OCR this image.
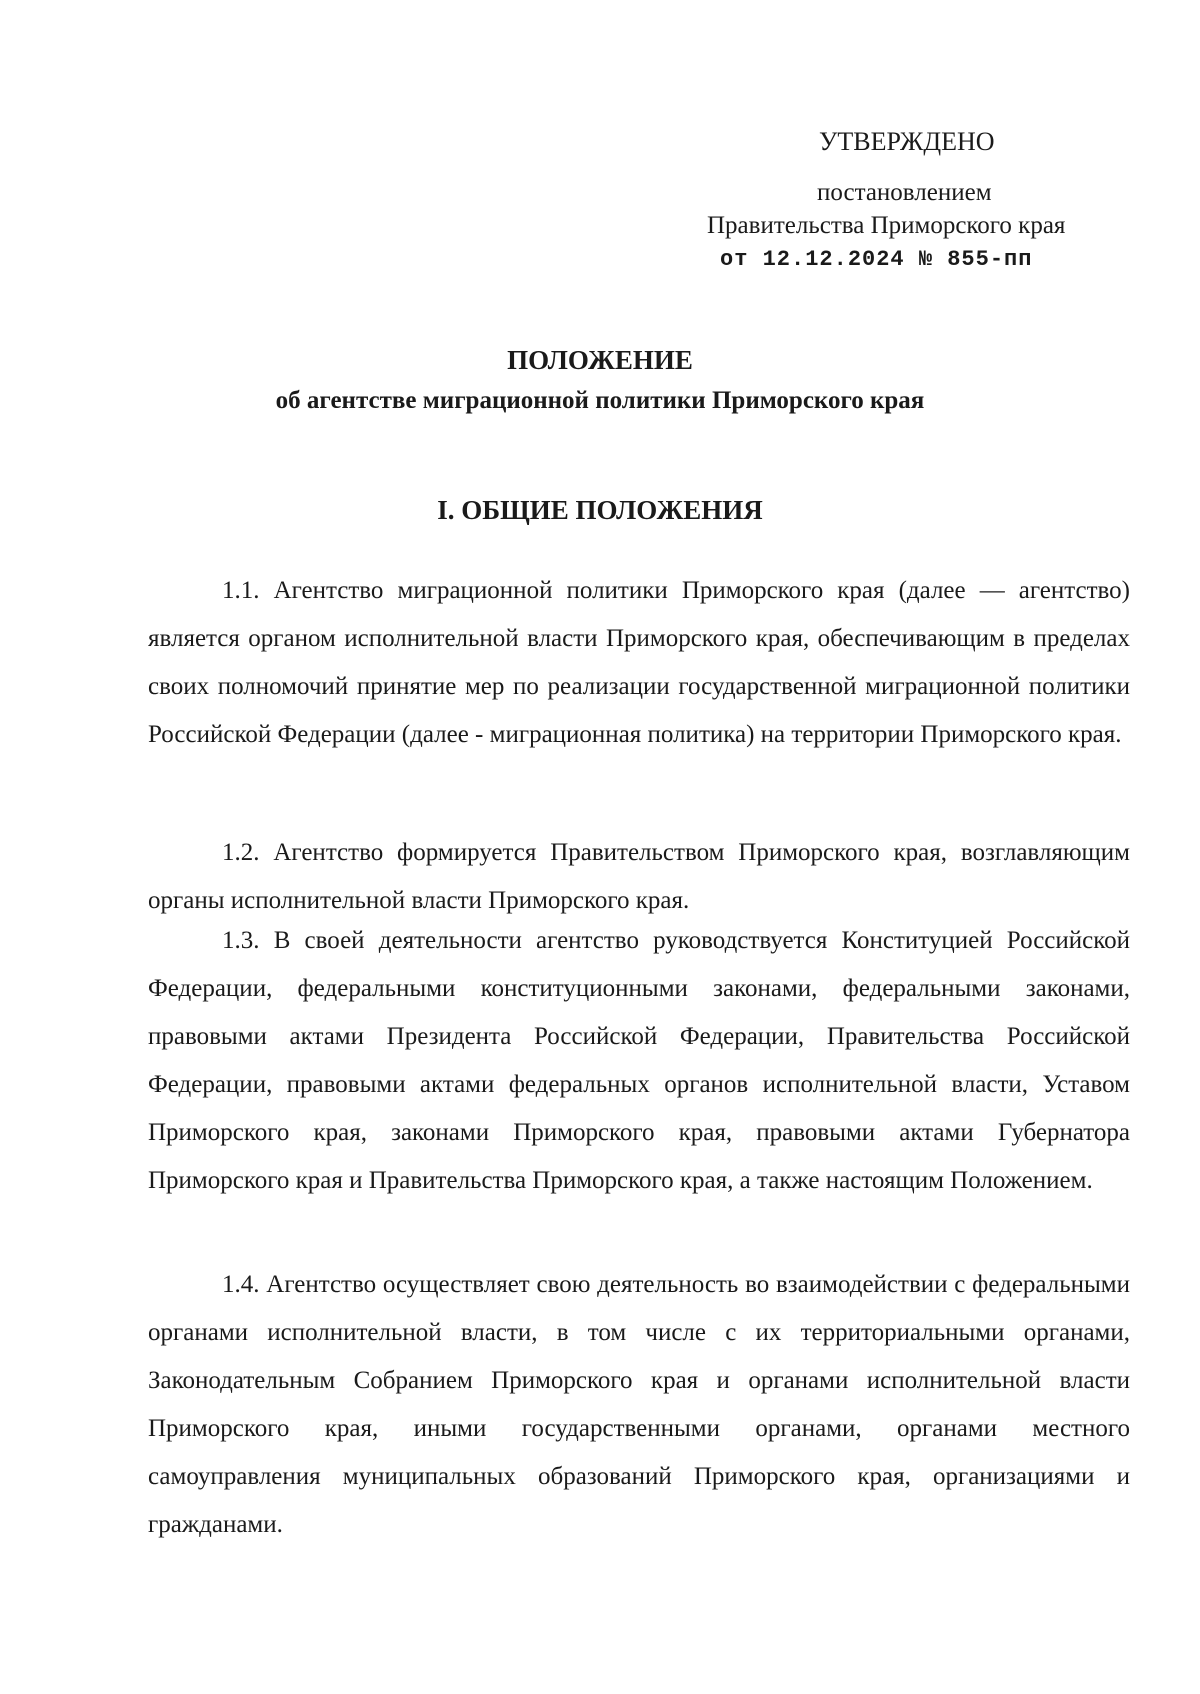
УТВЕРЖДЕНО
постановлением
Правительства Приморского края
от 12.12.2024 № 855-пп
ПОЛОЖЕНИЕ
об агентстве миграционной политики Приморского края
I. ОБЩИЕ ПОЛОЖЕНИЯ

1.1. Агентство миграционной политики Приморского края (далее — агентство) является органом исполнительной власти Приморского края, обеспечивающим в пределах своих полномочий принятие мер по реализации государственной миграционной политики Российской Федерации (далее - миграционная политика) на территории Приморского края.

1.2. Агентство формируется Правительством Приморского края, возглавляющим органы исполнительной власти Приморского края.

1.3. В своей деятельности агентство руководствуется Конституцией Российской Федерации, федеральными конституционными законами, федеральными законами, правовыми актами Президента Российской Федерации, Правительства Российской Федерации, правовыми актами федеральных органов исполнительной власти, Уставом Приморского края, законами Приморского края, правовыми актами Губернатора Приморского края и Правительства Приморского края, а также настоящим Положением.

1.4. Агентство осуществляет свою деятельность во взаимодействии с федеральными органами исполнительной власти, в том числе с их территориальными органами, Законодательным Собранием Приморского края и органами исполнительной власти Приморского края, иными государственными органами, органами местного самоуправления муниципальных образований Приморского края, организациями и гражданами.
